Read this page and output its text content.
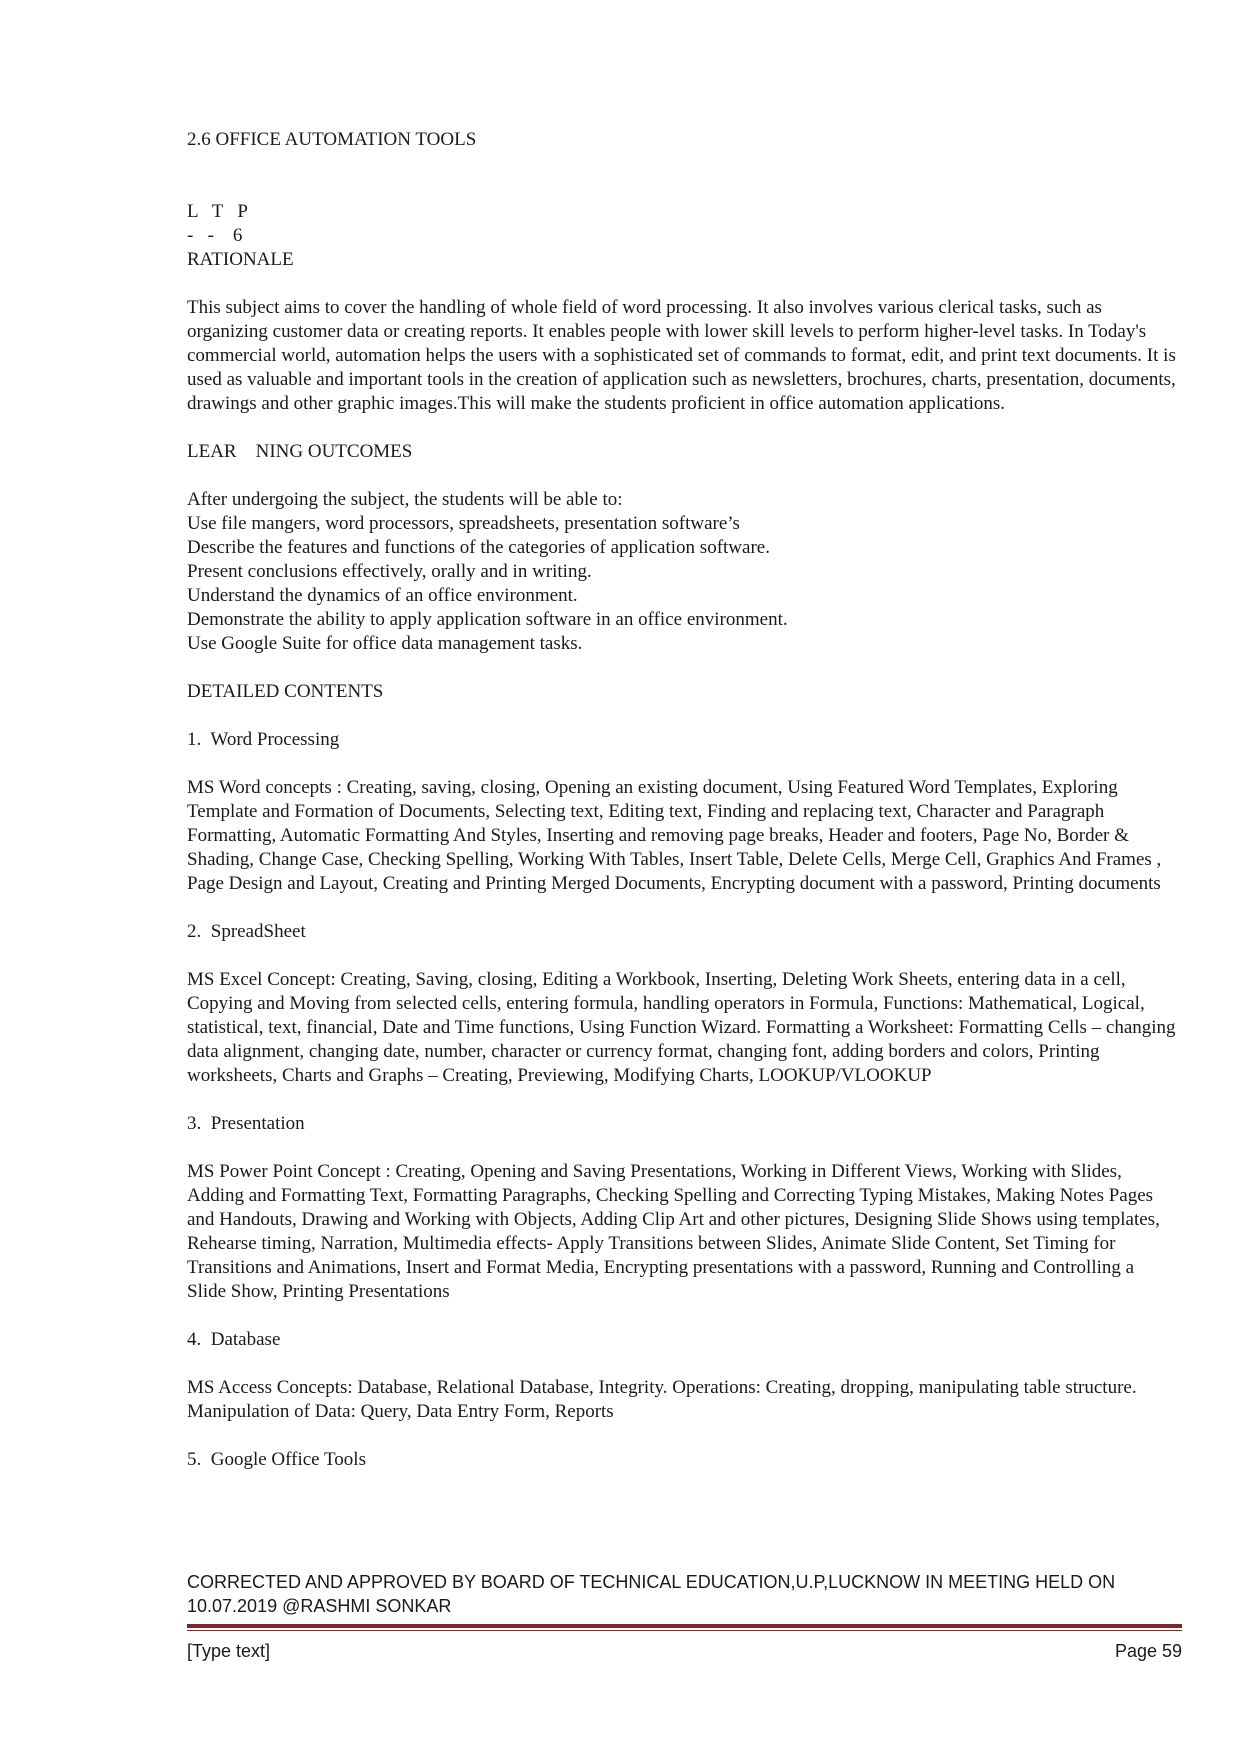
2.6 OFFICE AUTOMATION TOOLS

L   T   P
-   -    6

RATIONALE

This subject aims to cover the handling of whole field of word processing. It also involves various clerical tasks, such as organizing customer data or creating reports. It enables people with lower skill levels to perform higher-level tasks. In Today's commercial world, automation helps the users with a sophisticated set of commands to format, edit, and print text documents. It is used as valuable and important tools in the creation of application such as newsletters, brochures, charts, presentation, documents, drawings and other graphic images.This will make the students proficient in office automation applications.

LEAR    NING OUTCOMES

After undergoing the subject, the students will be able to:

Use file mangers, word processors, spreadsheets, presentation software’s
Describe the features and functions of the categories of application software.
Present conclusions effectively, orally and in writing.
Understand the dynamics of an office environment.
Demonstrate the ability to apply application software in an office environment.
Use Google Suite for office data management tasks.

DETAILED CONTENTS

1.  Word Processing

MS Word concepts : Creating, saving, closing, Opening an existing document, Using Featured Word Templates, Exploring Template and Formation of Documents, Selecting text, Editing text, Finding and replacing text, Character and Paragraph Formatting, Automatic Formatting And Styles, Inserting and removing page breaks, Header and footers, Page No, Border & Shading, Change Case, Checking Spelling, Working With Tables, Insert Table, Delete Cells, Merge Cell, Graphics And Frames , Page Design and Layout, Creating and Printing Merged Documents, Encrypting document with a password, Printing documents

2.  SpreadSheet

MS Excel Concept: Creating, Saving, closing, Editing a Workbook, Inserting, Deleting Work Sheets, entering data in a cell, Copying and Moving from selected cells, entering formula, handling operators in Formula, Functions: Mathematical, Logical, statistical, text, financial, Date and Time functions, Using Function Wizard. Formatting a Worksheet: Formatting Cells – changing data alignment, changing date, number, character or currency format, changing font, adding borders and colors, Printing worksheets, Charts and Graphs – Creating, Previewing, Modifying Charts, LOOKUP/VLOOKUP

3.  Presentation

MS Power Point Concept : Creating, Opening and Saving Presentations, Working in Different Views, Working with Slides, Adding and Formatting Text, Formatting Paragraphs, Checking Spelling and Correcting Typing Mistakes, Making Notes Pages and Handouts, Drawing and Working with Objects, Adding Clip Art and other pictures, Designing Slide Shows using templates, Rehearse timing, Narration, Multimedia effects- Apply Transitions between Slides, Animate Slide Content, Set Timing for Transitions and Animations, Insert and Format Media, Encrypting presentations with a password, Running and Controlling a Slide Show, Printing Presentations

4.  Database

MS Access Concepts: Database, Relational Database, Integrity. Operations: Creating, dropping, manipulating table structure. Manipulation of Data: Query, Data Entry Form, Reports

5.  Google Office Tools

CORRECTED AND APPROVED BY BOARD OF TECHNICAL EDUCATION,U.P,LUCKNOW IN MEETING HELD ON 10.07.2019 @RASHMI SONKAR
[Type text]	Page 59
